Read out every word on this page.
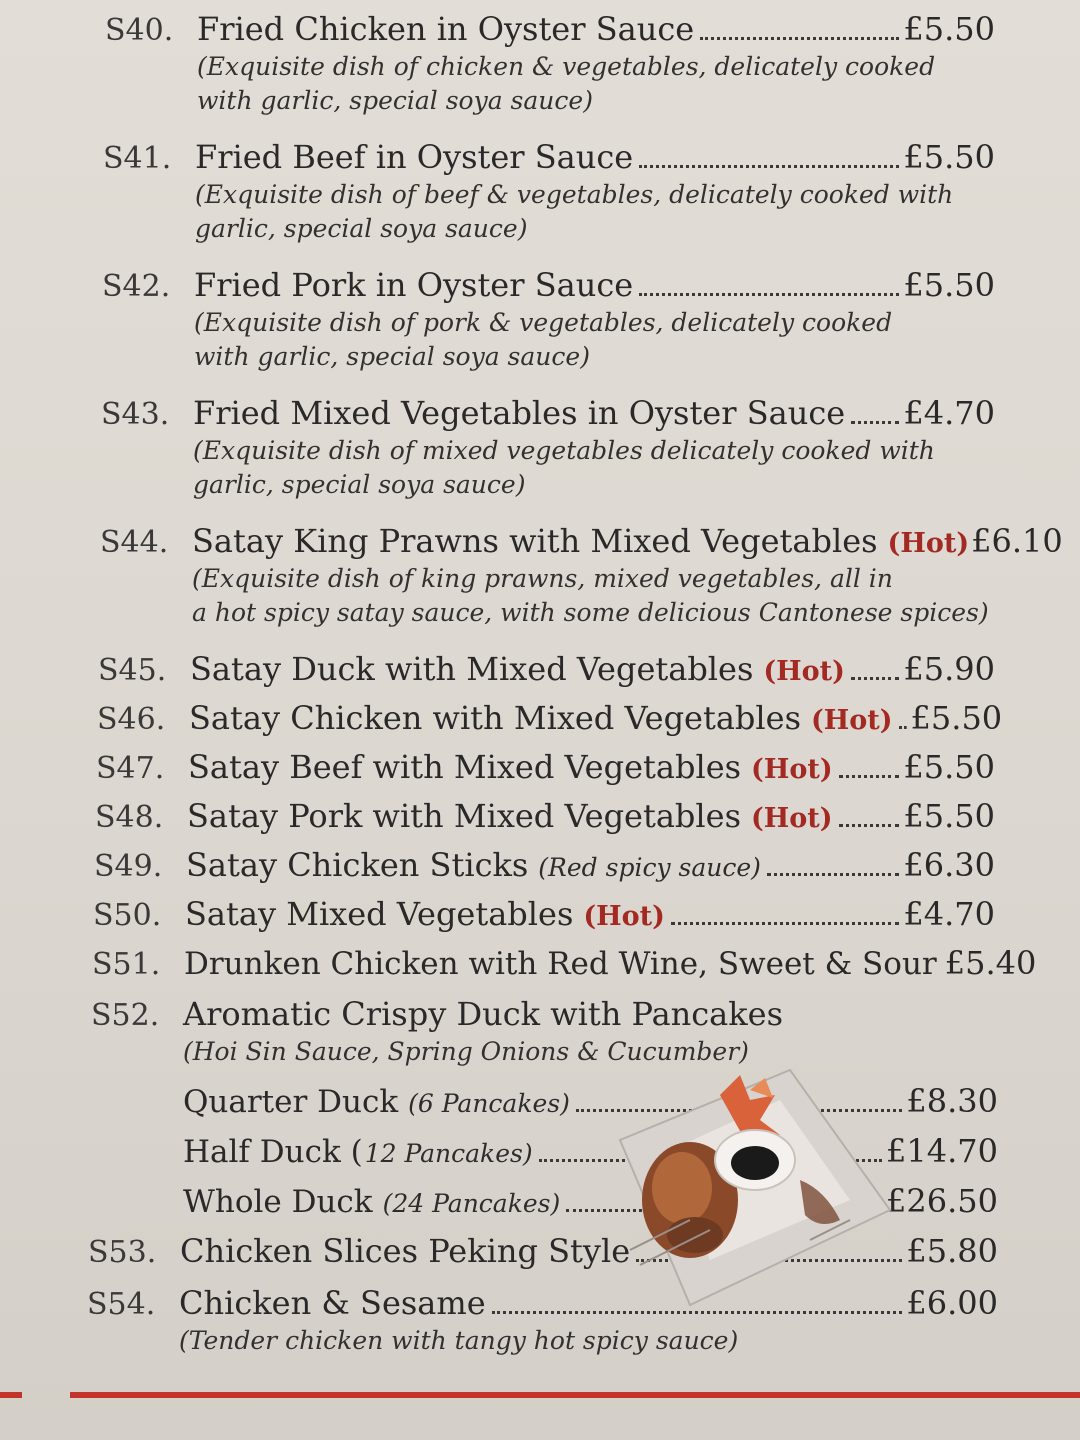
S40. Fried Chicken in Oyster Sauce	£5.50
(Exquisite dish of chicken & vegetables, delicately cooked
with garlic, special soya sauce)
S41. Fried Beef in Oyster Sauce	£5.50
(Exquisite dish of beef & vegetables, delicately cooked with
garlic, special soya sauce)
S42. Fried Pork in Oyster Sauce	£5.50
(Exquisite dish of pork & vegetables, delicately cooked
with garlic, special soya sauce)
S43. Fried Mixed Vegetables in Oyster Sauce £4.70
(Exquisite dish of mixed vegetables delicately cooked with
garlic, special soya sauce)
S44. Satay King Prawns with Mixed Vegetables (Hot) £6.10
(Exquisite dish of king prawns, mixed vegetables, all in
a hot spicy satay sauce, with some delicious Cantonese spices)
S45. Satay Duck with Mixed Vegetables (Hot) £5.90
S46. Satay Chicken with Mixed Vegetables (Hot) £5.50
S47. Satay Beef with Mixed Vegetables (Hot) £5.50
S48. Satay Pork with Mixed Vegetables (Hot) £5.50
S49. Satay Chicken Sticks (Red spicy sauce)	£6.30
S50. Satay Mixed Vegetables (Hot)	£4.70
S51. Drunken Chicken with Red Wine, Sweet & Sour £5.40
S52. Aromatic Crispy Duck with Pancakes
(Hoi Sin Sauce, Spring Onions & Cucumber)
Quarter Duck (6 Pancakes)	£8.30
Half Duck ( 12 Pancakes)	£14.70
Whole Duck (24 Pancakes)	£26.50
S53. Chicken Slices Peking Style	£5.80
S54. Chicken & Sesame	£6.00
(Tender chicken with tangy hot spicy sauce)
